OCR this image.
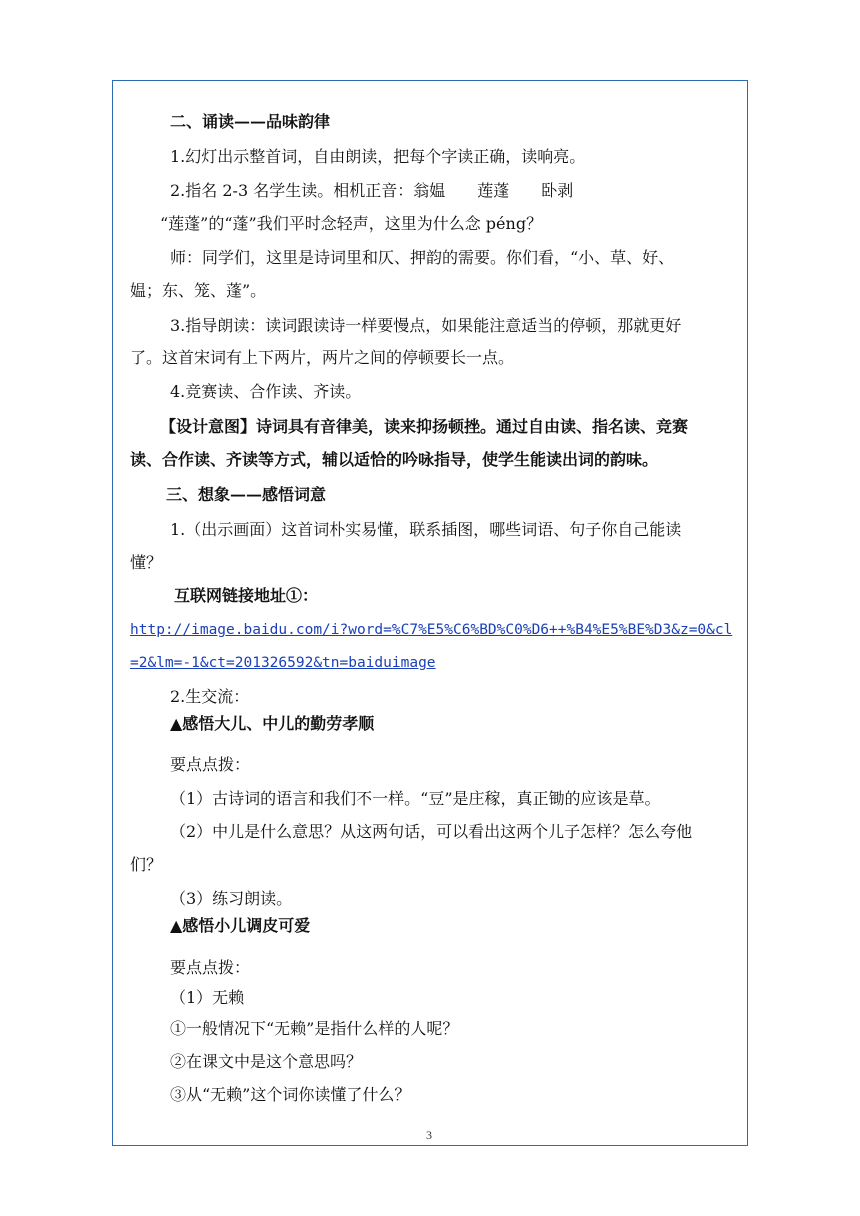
二、诵读——品味韵律
1.幻灯出示整首词，自由朗读，把每个字读正确，读响亮。
2.指名 2-3 名学生读。相机正音：翁媪　　莲蓬　　卧剥
“莲蓬”的“蓬”我们平时念轻声，这里为什么念 péng？
师：同学们，这里是诗词里和仄、押韵的需要。你们看，“小、草、好、
媪；东、笼、蓬”。
3.指导朗读：读词跟读诗一样要慢点，如果能注意适当的停顿，那就更好
了。这首宋词有上下两片，两片之间的停顿要长一点。
4.竞赛读、合作读、齐读。
【设计意图】诗词具有音律美，读来抑扬顿挫。通过自由读、指名读、竞赛
读、合作读、齐读等方式，辅以适恰的吟咏指导，使学生能读出词的韵味。
三、想象——感悟词意
1.（出示画面）这首词朴实易懂，联系插图，哪些词语、句子你自己能读
懂？
互联网链接地址①：
http://image.baidu.com/i?word=%C7%E5%C6%BD%C0%D6++%B4%E5%BE%D3&z=0&cl
=2&lm=-1&ct=201326592&tn=baiduimage
2.生交流：
▲感悟大儿、中儿的勤劳孝顺
要点点拨：
（1）古诗词的语言和我们不一样。“豆”是庄稼，真正锄的应该是草。
（2）中儿是什么意思？从这两句话，可以看出这两个儿子怎样？怎么夸他
们？
（3）练习朗读。
▲感悟小儿调皮可爱
要点点拨：
（1）无赖
①一般情况下“无赖”是指什么样的人呢？
②在课文中是这个意思吗？
③从“无赖”这个词你读懂了什么？
3
